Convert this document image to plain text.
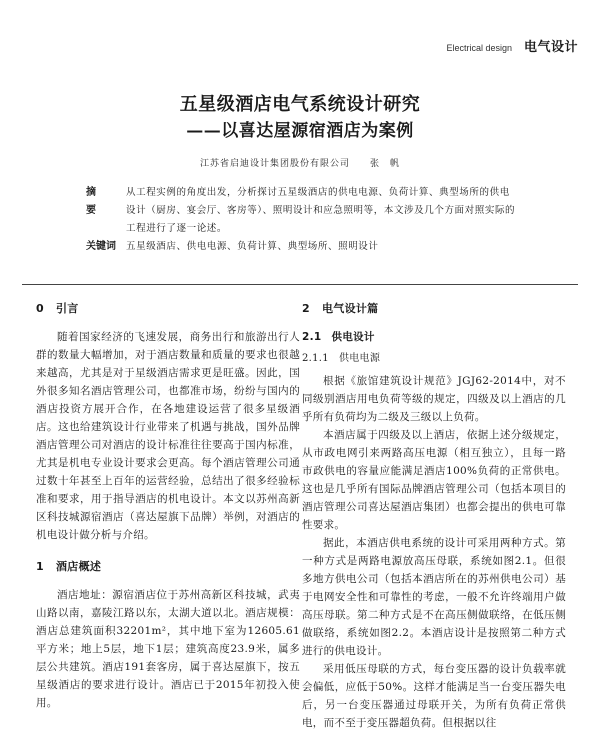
Electrical design 电气设计
五星级酒店电气系统设计研究
——以喜达屋源宿酒店为案例
江苏省启迪设计集团股份有限公司 张　帆
摘要
从工程实例的角度出发，分析探讨五星级酒店的供电电源、负荷计算、典型场所的供电设计（厨房、宴会厅、客房等）、照明设计和应急照明等，本文涉及几个方面对照实际的工程进行了逐一论述。
关键词	五星级酒店、供电电源、负荷计算、典型场所、照明设计
0 引言

随着国家经济的飞速发展，商务出行和旅游出行人群的数量大幅增加，对于酒店数量和质量的要求也很越来越高，尤其是对于星级酒店需求更是旺盛。因此，国外很多知名酒店管理公司，也都准市场，纷纷与国内的酒店投资方展开合作，在各地建设运营了很多星级酒店。这也给建筑设计行业带来了机遇与挑战，国外品牌酒店管理公司对酒店的设计标准往往要高于国内标准，尤其是机电专业设计要求会更高。每个酒店管理公司通过数十年甚至上百年的运营经验，总结出了很多经验标准和要求，用于指导酒店的机电设计。本文以苏州高新区科技城源宿酒店（喜达屋旗下品牌）举例，对酒店的机电设计做分析与介绍。

1 酒店概述

酒店地址：源宿酒店位于苏州高新区科技城，武夷山路以南，嘉陵江路以东，太湖大道以北。酒店规模：酒店总建筑面积32201m²，其中地下室为12605.61平方米；地上5层，地下1层；建筑高度23.9米，属多层公共建筑。酒店191套客房，属于喜达屋旗下，按五星级酒店的要求进行设计。酒店已于2015年初投入使用。

2 电气设计篇
2.1 供电设计
2.1.1 供电电源

根据《旅馆建筑设计规范》JGJ62-2014中，对不同级别酒店用电负荷等级的规定，四级及以上酒店的几乎所有负荷均为二级及三级以上负荷。

本酒店属于四级及以上酒店，依据上述分级规定，从市政电网引来两路高压电源（相互独立），且每一路市政供电的容量应能满足酒店100%负荷的正常供电。这也是几乎所有国际品牌酒店管理公司（包括本项目的酒店管理公司喜达屋酒店集团）也都会提出的供电可靠性要求。

据此，本酒店供电系统的设计可采用两种方式。第一种方式是两路电源放高压母联，系统如图2.1。但很多地方供电公司（包括本酒店所在的苏州供电公司）基于电网安全性和可靠性的考虑，一般不允许终端用户做高压母联。第二种方式是不在高压侧做联络，在低压侧做联络，系统如图2.2。本酒店设计是按照第二种方式进行的供电设计。

采用低压母联的方式，每台变压器的设计负载率就会偏低，应低于50%。这样才能满足当一台变压器失电后，另一台变压器通过母联开关，为所有负荷正常供电，而不至于变压器超负荷。但根据以往
